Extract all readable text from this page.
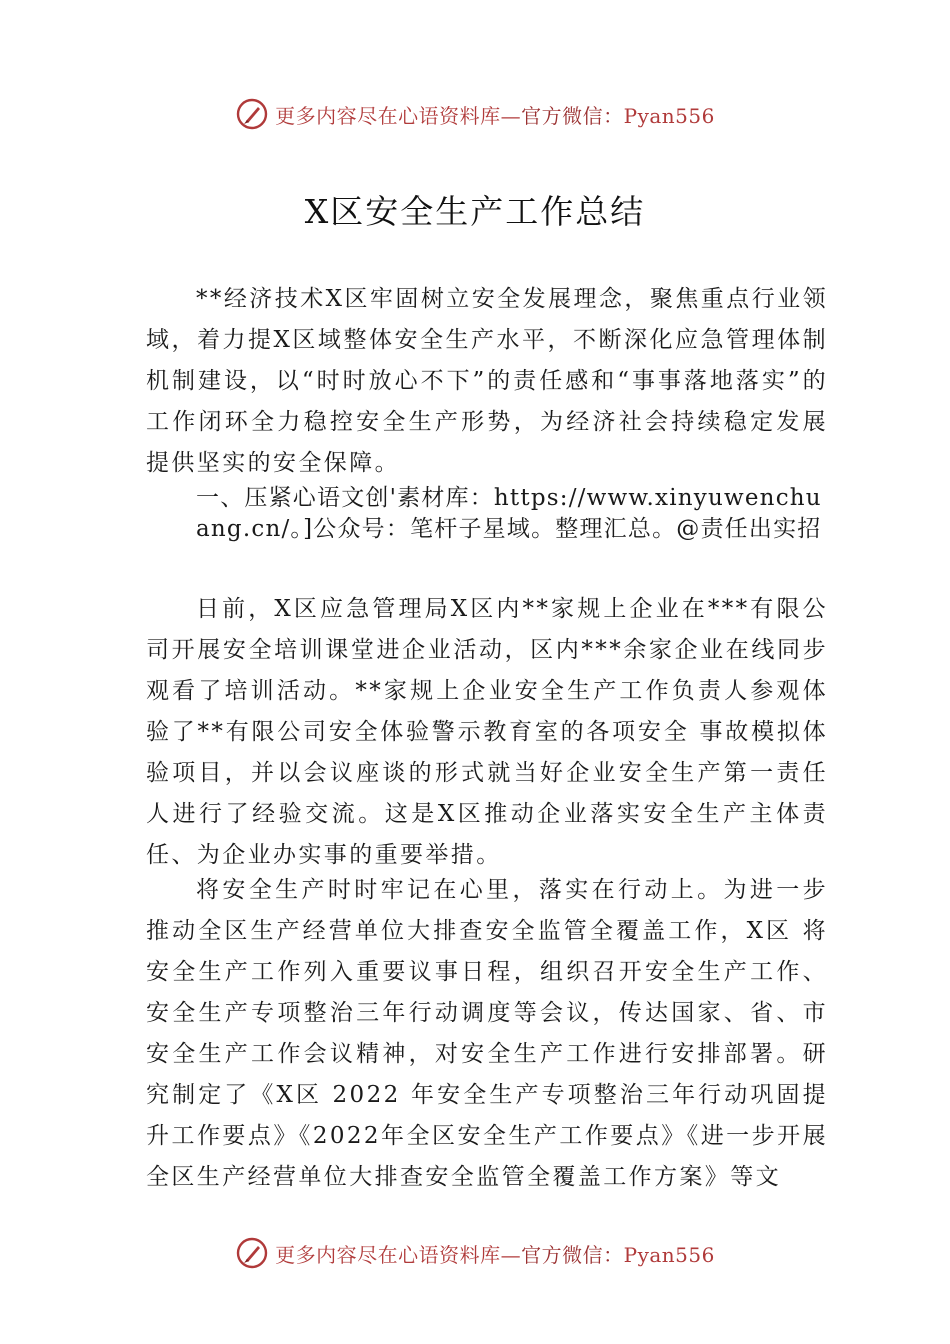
更多内容尽在心语资料库—官方微信：Pyan556
X区安全生产工作总结

**经济技术X区牢固树立安全发展理念，聚焦重点行业领域，着力提X区域整体安全生产水平，不断深化应急管理体制机制建设，以“时时放心不下”的责任感和“事事落地落实”的工作闭环全力稳控安全生产形势，为经济社会持续稳定发展提供坚实的安全保障。

一、压紧心语文创'素材库：https://www.xinyuwenchuang.cn/。]公众号：笔杆子星域。整理汇总。@责任出实招

日前，X区应急管理局X区内**家规上企业在***有限公司开展安全培训课堂进企业活动，区内***余家企业在线同步观看了培训活动。**家规上企业安全生产工作负责人参观体验了**有限公司安全体验警示教育室的各项安全 事故模拟体验项目，并以会议座谈的形式就当好企业安全生产第一责任人进行了经验交流。这是X区推动企业落实安全生产主体责任、为企业办实事的重要举措。

将安全生产时时牢记在心里，落实在行动上。为进一步推动全区生产经营单位大排查安全监管全覆盖工作，X区 将安全生产工作列入重要议事日程，组织召开安全生产工作、安全生产专项整治三年行动调度等会议，传达国家、省、市安全生产工作会议精神，对安全生产工作进行安排部署。研究制定了《X区 2022 年安全生产专项整治三年行动巩固提升工作要点》《2022年全区安全生产工作要点》《进一步开展全区生产经营单位大排查安全监管全覆盖工作方案》等文

更多内容尽在心语资料库—官方微信：Pyan556
